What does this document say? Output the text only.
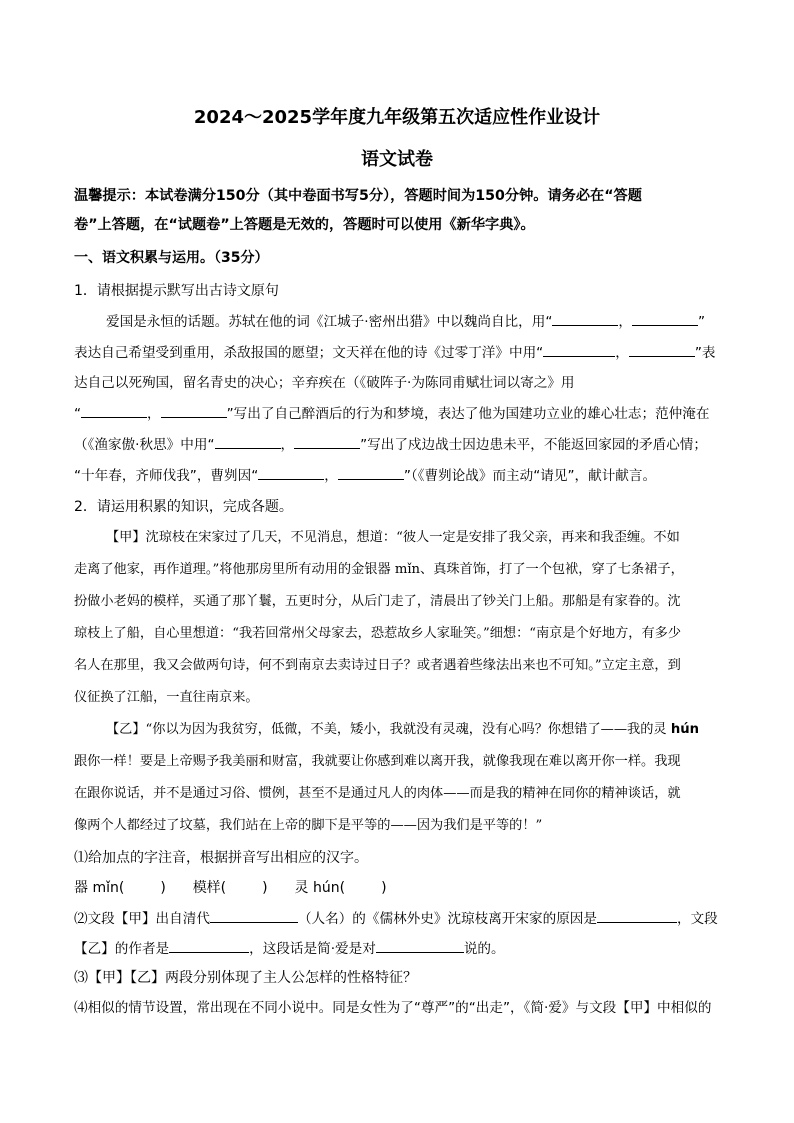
2024～2025学年度九年级第五次适应性作业设计
语文试卷
温馨提示：本试卷满分150分（其中卷面书写5分），答题时间为150分钟。请务必在“答题
卷”上答题，在“试题卷”上答题是无效的，答题时可以使用《新华字典》。
一、语文积累与运用。（35分）
1．请根据提示默写出古诗文原句
爱国是永恒的话题。苏轼在他的词《江城子·密州出猎》中以魏尚自比，用“	，	”
表达自己希望受到重用，杀敌报国的愿望；文天祥在他的诗《过零丁洋》中用“	，	”表
达自己以死殉国，留名青史的决心；辛弃疾在（《破阵子·为陈同甫赋壮词以寄之》用
“	，	”写出了自己醉酒后的行为和梦境，表达了他为国建功立业的雄心壮志；范仲淹在
（《渔家傲·秋思》中用“	，	”写出了戍边战士因边患未平，不能返回家园的矛盾心情；
“十年春，齐师伐我”，曹刿因“	，	”（《曹刿论战》而主动“请见”，献计献言。
2．请运用积累的知识，完成各题。
【甲】沈琼枝在宋家过了几天，不见消息，想道：“彼人一定是安排了我父亲，再来和我歪缠。不如
走离了他家，再作道理。”将他那房里所有动用的金银器 mǐn、真珠首饰，打了一个包袱，穿了七条裙子，
扮做小老妈的模样，买通了那丫鬟，五更时分，从后门走了，清晨出了钞关门上船。那船是有家眷的。沈
琼枝上了船，自心里想道：“我若回常州父母家去，恐惹故乡人家耻笑。”细想：“南京是个好地方，有多少
名人在那里，我又会做两句诗，何不到南京去卖诗过日子？或者遇着些缘法出来也不可知。”立定主意，到
仪征换了江船，一直往南京来。
【乙】“你以为因为我贫穷，低微，不美，矮小，我就没有灵魂，没有心吗？你想错了——我的灵 hún
跟你一样！要是上帝赐予我美丽和财富，我就要让你感到难以离开我，就像我现在难以离开你一样。我现
在跟你说话，并不是通过习俗、惯例，甚至不是通过凡人的肉体——而是我的精神在同你的精神谈话，就
像两个人都经过了坟墓，我们站在上帝的脚下是平等的——因为我们是平等的！”
⑴给加点的字注音，根据拼音写出相应的汉字。
器 mǐn(	) 模样(	) 灵 hún(	)
⑵文段【甲】出自清代	（人名）的《儒林外史》沈琼枝离开宋家的原因是	，文段
【乙】的作者是	，这段话是简·爱是对	说的。
⑶【甲】【乙】两段分别体现了主人公怎样的性格特征？
⑷相似的情节设置，常出现在不同小说中。同是女性为了“尊严”的“出走”，《简·爱》与文段【甲】中相似的
